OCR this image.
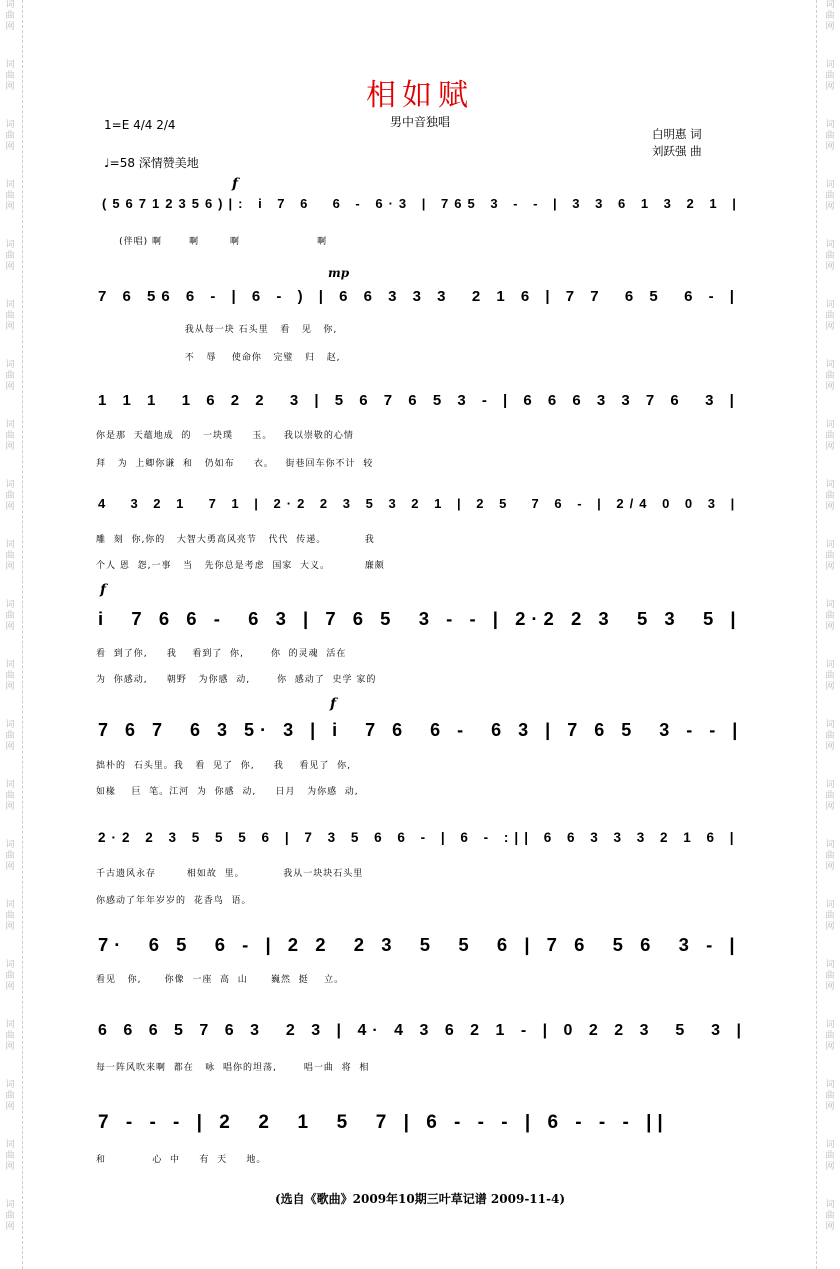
词曲网
词曲网
词曲网
词曲网
词曲网
词曲网
词曲网
词曲网
词曲网
词曲网
词曲网
词曲网
词曲网
词曲网
词曲网
词曲网
词曲网
词曲网
词曲网
词曲网
词曲网
词曲网
词曲网
词曲网
词曲网
词曲网
词曲网
词曲网
词曲网
词曲网
词曲网
词曲网
词曲网
词曲网
词曲网
词曲网
词曲网
词曲网
词曲网
词曲网
词曲网
词曲网
相如赋
男中音独唱
1=E 4/4 2/4
♩=58 深情赞美地
白明惠 词
刘跃强 曲
f
(56712356)|: i 7 6  6 - 6·3 | 765 3 - - | 3 3 6 1 3 2 1 |
(伴唱) 啊       啊        啊                    啊
mp
7 6 56 6 - | 6 - ) | 6 6 3 3 3  2 1 6 | 7 7  6 5  6 - |
我从每一块 石头里   看   见   你,
不   辱    使命你   完璧   归   赵,
1 1 1  1 6 2 2  3 | 5 6 7 6 5 3 - | 6 6 6 3 3 7 6  3 |
你是那  天蕴地成  的   一块璞     玉。   我以崇敬的心情
拜   为  上卿你谦  和   仍如布     衣。   街巷回车你不计  较
4  3 2 1  7 1 | 2·2 2 3 5 3 2 1 | 2 5  7 6 - | 2/4 0 0 3 |
雕  刻  你,你的   大智大勇高风亮节   代代  传递。          我
个人 恩  怨,一事   当   先你总是考虑  国家  大义。         廉颇
f
i  7 6 6 -  6 3 | 7 6 5  3 - - | 2·2 2 3  5 3  5 |
看  到了你,     我    看到了  你,       你  的灵魂  活在
为  你感动,     朝野   为你感  动,       你  感动了  史学 家的
f
7 6 7  6 3 5· 3 | i  7 6  6 -  6 3 | 7 6 5  3 - - |
拙朴的  石头里。我   看  见了  你,     我    看见了  你,
如椽    巨  笔。江河  为  你感  动,     日月   为你感  动,
2·2 2 3 5 5 5 6 | 7 3 5 6 6 - | 6 - :|| 6 6 3 3 3 2 1 6 |
千古遗风永存        相如故  里。          我从一块块石头里
你感动了年年岁岁的  花香鸟  语。
7·  6 5  6 - | 2 2  2 3  5  5  6 | 7 6  5 6  3 - |
看见   你,      你像  一座  高  山      巍然  挺    立。
6 6 6 5 7 6 3  2 3 | 4· 4 3 6 2 1 - | 0 2 2 3  5  3 |
每一阵风吹来啊  都在   咏  唱你的坦荡,       唱一曲  将  相
7 - - - | 2  2  1  5  7 | 6 - - - | 6 - - - ||
和            心  中     有  天     地。
(选自《歌曲》2009年10期三叶草记谱 2009-11-4)
